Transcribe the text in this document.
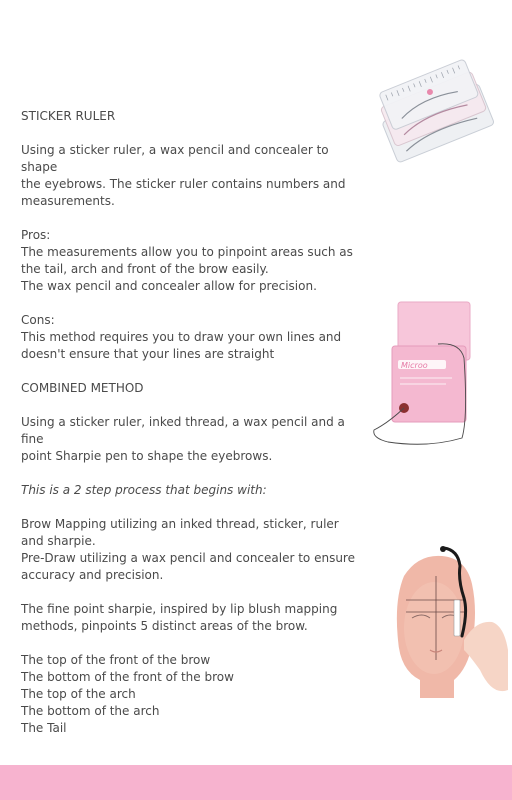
STICKER RULER

Using a sticker ruler, a wax pencil and concealer to shape

the eyebrows. The sticker ruler contains numbers and

measurements.

Pros:

The measurements allow you to pinpoint areas such as

the tail, arch and front of the brow easily.

The wax pencil and concealer allow for precision.

Cons:

This method requires you to draw your own lines and

doesn't ensure that your lines are straight

COMBINED METHOD

Using a sticker ruler, inked thread, a wax pencil and a fine

point Sharpie pen to shape the eyebrows.

This is a 2 step process that begins with:

Brow Mapping utilizing an inked thread, sticker, ruler

and sharpie.

Pre-Draw utilizing a wax pencil and concealer to ensure

accuracy and precision.

The fine point sharpie, inspired by lip blush mapping

methods, pinpoints 5 distinct areas of the brow.

The top of the front of the brow

The bottom of the front of the brow

The top of the arch

The bottom of the arch

The Tail

Microo
